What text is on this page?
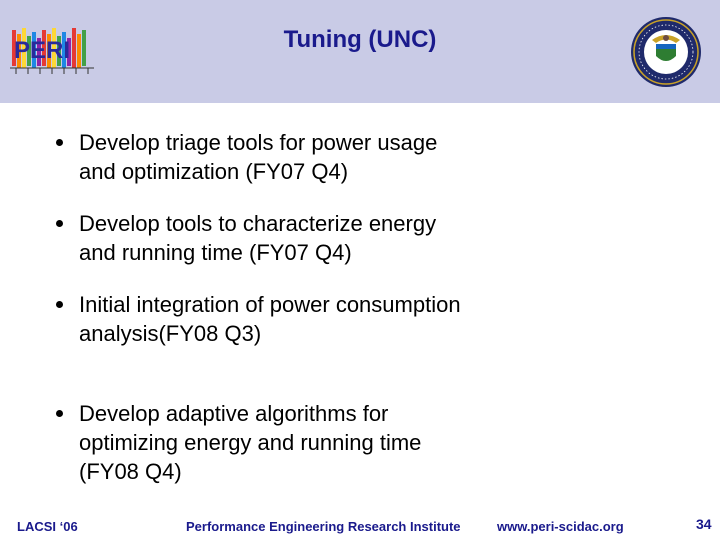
PERI	Tuning (UNC)
Develop triage tools for power usage and optimization (FY07 Q4)
Develop tools to characterize energy and running time (FY07 Q4)
Initial integration of power consumption analysis(FY08 Q3)
Develop adaptive algorithms for optimizing energy and running time (FY08 Q4)
LACSI ‘06	Performance Engineering Research Institute	www.peri-scidac.org	34
